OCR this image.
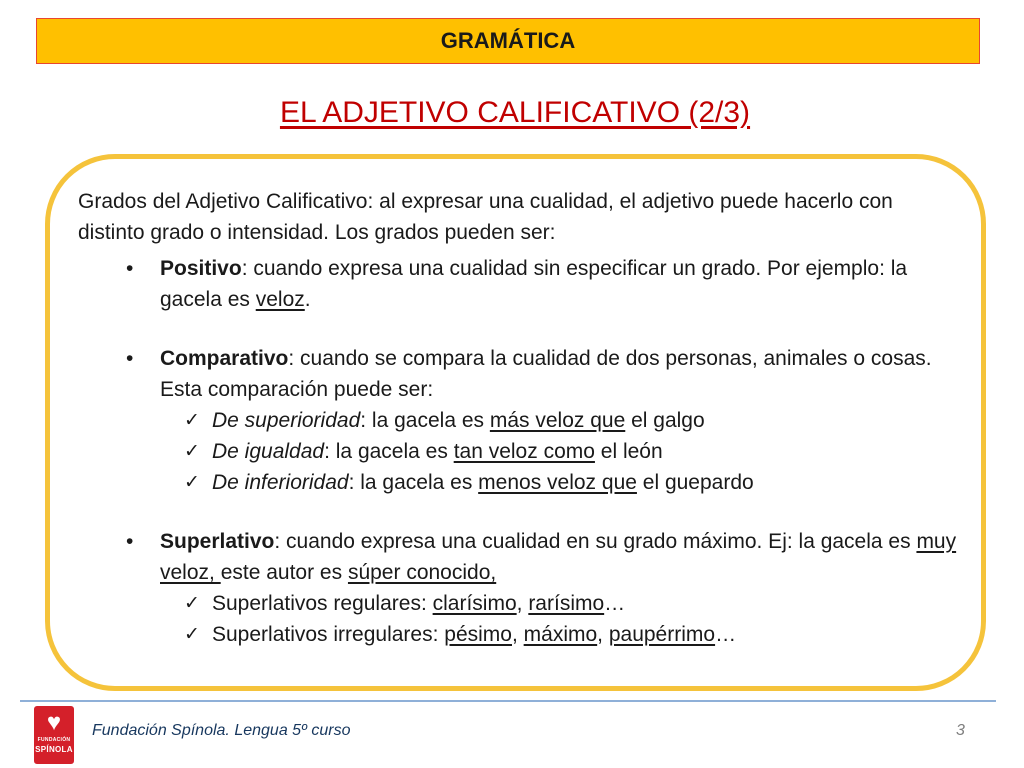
GRAMÁTICA
EL ADJETIVO CALIFICATIVO (2/3)
Grados del Adjetivo Calificativo: al expresar una cualidad, el adjetivo puede hacerlo con distinto grado o intensidad. Los grados pueden ser:
• Positivo: cuando expresa una cualidad sin especificar un grado. Por ejemplo: la gacela es veloz.
• Comparativo: cuando se compara la cualidad de dos personas, animales o cosas. Esta comparación puede ser:
✓ De superioridad: la gacela es más veloz que el galgo
✓ De igualdad: la gacela es tan veloz como el león
✓ De inferioridad: la gacela es menos veloz que el guepardo
• Superlativo: cuando expresa una cualidad en su grado máximo. Ej: la gacela es muy veloz, este autor es súper conocido,
✓ Superlativos regulares: clarísimo, rarísimo…
✓ Superlativos irregulares: pésimo, máximo, paupérrimo…
♥
FUNDACIÓN
SPÍNOLA
Fundación Spínola. Lengua 5º curso	3
